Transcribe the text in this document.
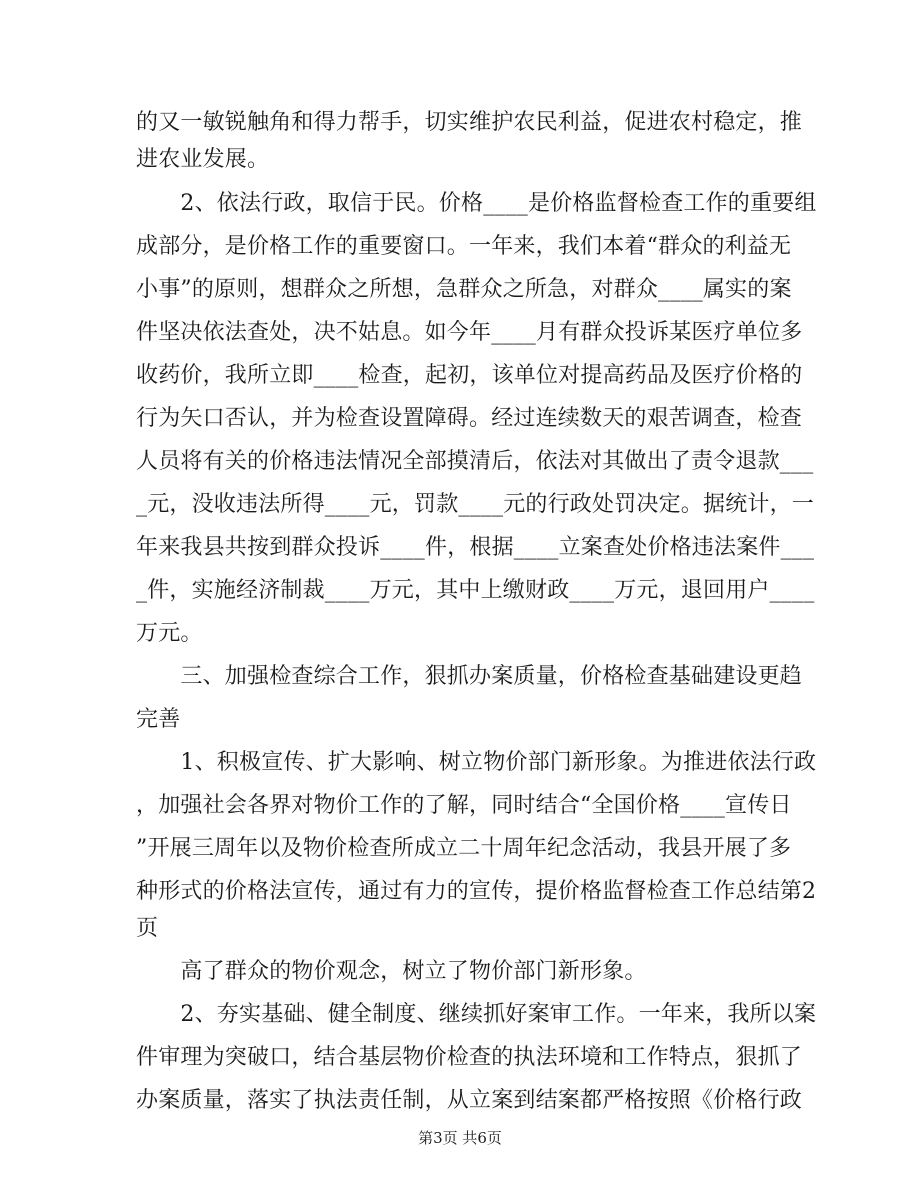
的又一敏锐触角和得力帮手，切实维护农民利益，促进农村稳定，推
进农业发展。
　　2、依法行政，取信于民。价格____是价格监督检查工作的重要组
成部分，是价格工作的重要窗口。一年来，我们本着“群众的利益无
小事”的原则，想群众之所想，急群众之所急，对群众____属实的案
件坚决依法查处，决不姑息。如今年____月有群众投诉某医疗单位多
收药价，我所立即____检查，起初，该单位对提高药品及医疗价格的
行为矢口否认，并为检查设置障碍。经过连续数天的艰苦调查，检查
人员将有关的价格违法情况全部摸清后，依法对其做出了责令退款___
_元，没收违法所得____元，罚款____元的行政处罚决定。据统计，一
年来我县共按到群众投诉____件，根据____立案查处价格违法案件___
_件，实施经济制裁____万元，其中上缴财政____万元，退回用户____
万元。
　　三、加强检查综合工作，狠抓办案质量，价格检查基础建设更趋
完善
　　1、积极宣传、扩大影响、树立物价部门新形象。为推进依法行政
，加强社会各界对物价工作的了解，同时结合“全国价格____宣传日
”开展三周年以及物价检查所成立二十周年纪念活动，我县开展了多
种形式的价格法宣传，通过有力的宣传，提价格监督检查工作总结第2
页
　　高了群众的物价观念，树立了物价部门新形象。
　　2、夯实基础、健全制度、继续抓好案审工作。一年来，我所以案
件审理为突破口，结合基层物价检查的执法环境和工作特点，狠抓了
办案质量，落实了执法责任制，从立案到结案都严格按照《价格行政
第3页 共6页
